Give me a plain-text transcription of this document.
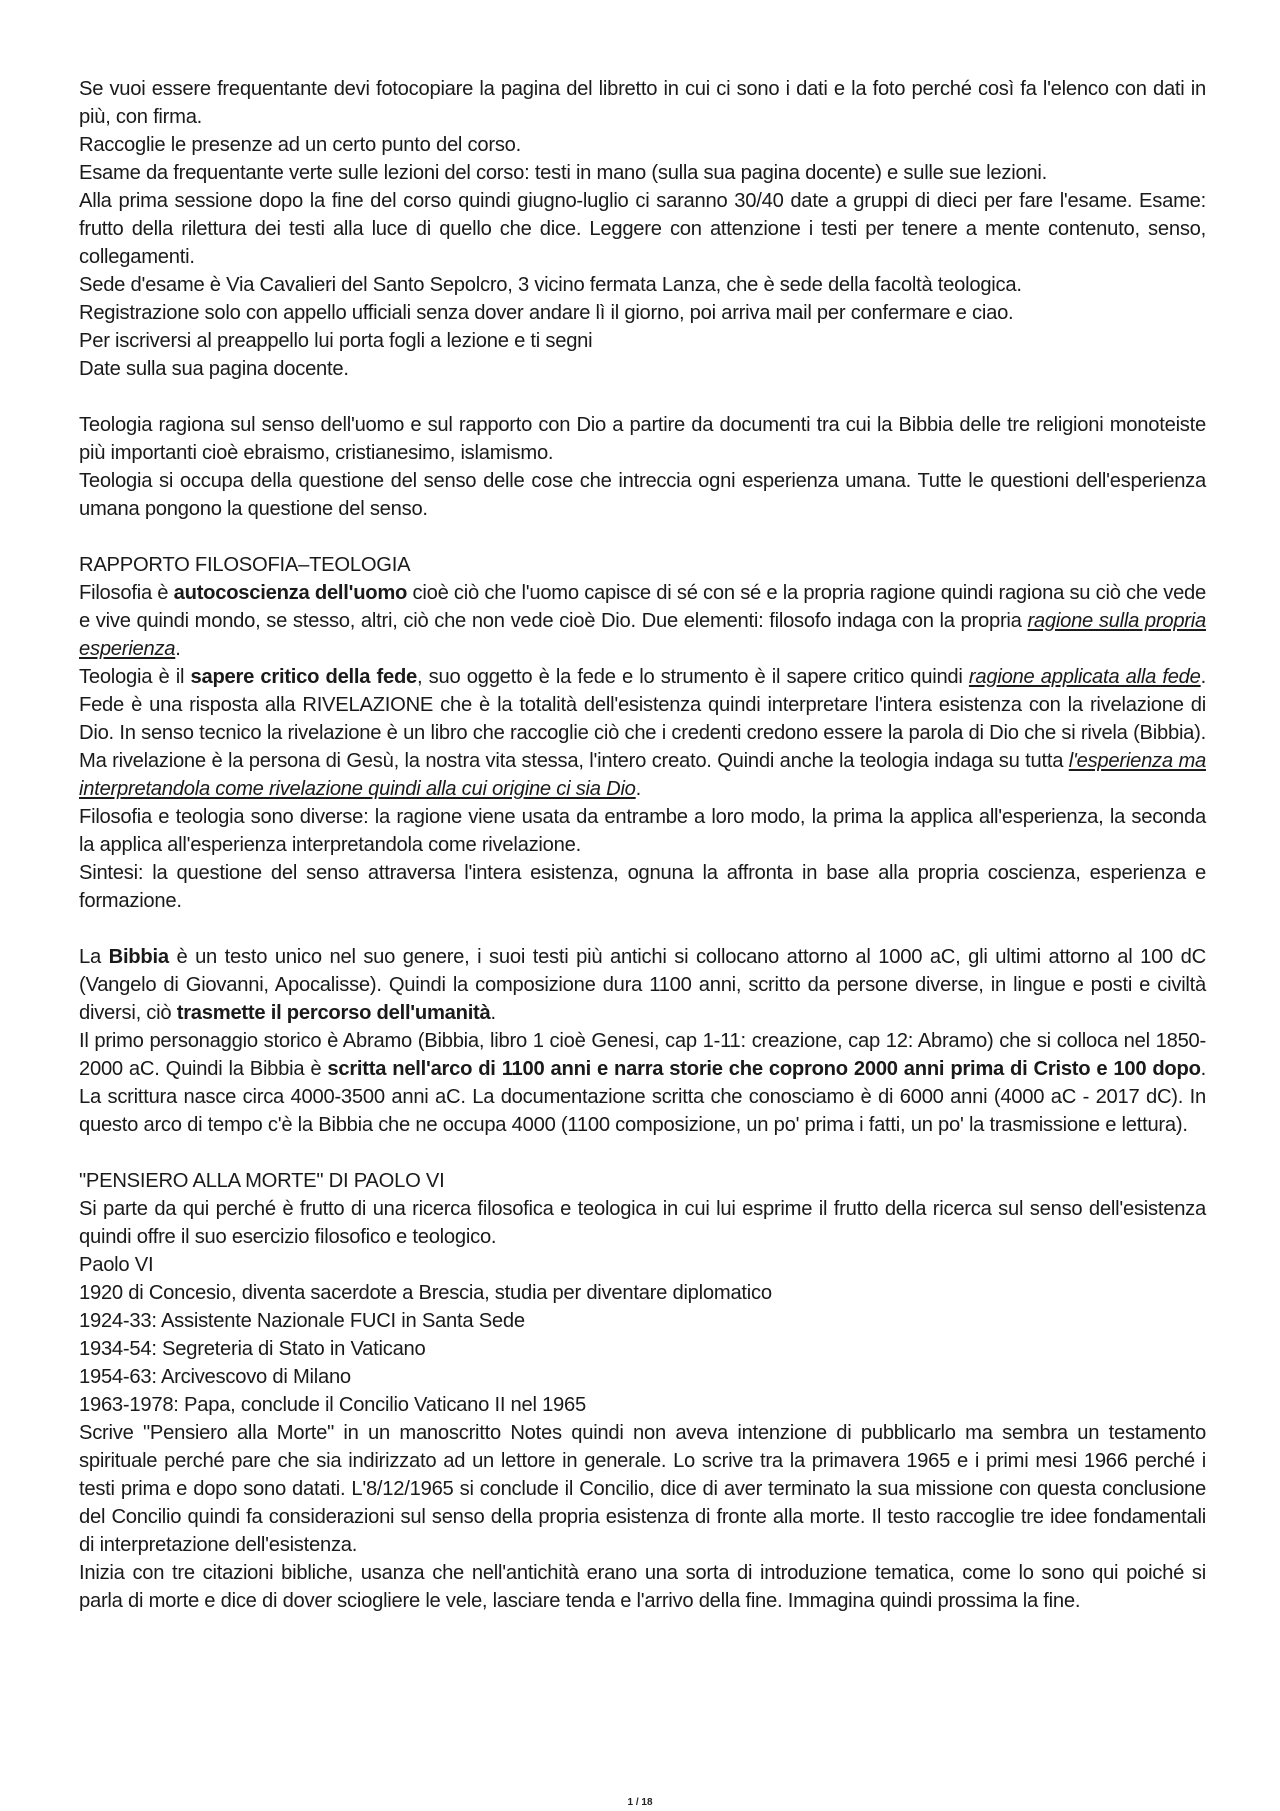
Se vuoi essere frequentante devi fotocopiare la pagina del libretto in cui ci sono i dati e la foto perché così fa l'elenco con dati in più, con firma.

Raccoglie le presenze ad un certo punto del corso.

Esame da frequentante verte sulle lezioni del corso: testi in mano (sulla sua pagina docente) e sulle sue lezioni.

Alla prima sessione dopo la fine del corso quindi giugno-luglio ci saranno 30/40 date a gruppi di dieci per fare l'esame. Esame: frutto della rilettura dei testi alla luce di quello che dice. Leggere con attenzione i testi per tenere a mente contenuto, senso, collegamenti.

Sede d'esame è Via Cavalieri del Santo Sepolcro, 3 vicino fermata Lanza, che è sede della facoltà teologica.

Registrazione solo con appello ufficiali senza dover andare lì il giorno, poi arriva mail per confermare e ciao.

Per iscriversi al preappello lui porta fogli a lezione e ti segni

Date sulla sua pagina docente.

Teologia ragiona sul senso dell'uomo e sul rapporto con Dio a partire da documenti tra cui la Bibbia delle tre religioni monoteiste più importanti cioè ebraismo, cristianesimo, islamismo.

Teologia si occupa della questione del senso delle cose che intreccia ogni esperienza umana. Tutte le questioni dell'esperienza umana pongono la questione del senso.

RAPPORTO FILOSOFIA–TEOLOGIA

Filosofia è autocoscienza dell'uomo cioè ciò che l'uomo capisce di sé con sé e la propria ragione quindi ragiona su ciò che vede e vive quindi mondo, se stesso, altri, ciò che non vede cioè Dio. Due elementi: filosofo indaga con la propria ragione sulla propria esperienza.

Teologia è il sapere critico della fede, suo oggetto è la fede e lo strumento è il sapere critico quindi ragione applicata alla fede. Fede è una risposta alla RIVELAZIONE che è la totalità dell'esistenza quindi interpretare l'intera esistenza con la rivelazione di Dio. In senso tecnico la rivelazione è un libro che raccoglie ciò che i credenti credono essere la parola di Dio che si rivela (Bibbia). Ma rivelazione è la persona di Gesù, la nostra vita stessa, l'intero creato. Quindi anche la teologia indaga su tutta l'esperienza ma interpretandola come rivelazione quindi alla cui origine ci sia Dio.

Filosofia e teologia sono diverse: la ragione viene usata da entrambe a loro modo, la prima la applica all'esperienza, la seconda la applica all'esperienza interpretandola come rivelazione.

Sintesi: la questione del senso attraversa l'intera esistenza, ognuna la affronta in base alla propria coscienza, esperienza e formazione.

La Bibbia è un testo unico nel suo genere, i suoi testi più antichi si collocano attorno al 1000 aC, gli ultimi attorno al 100 dC (Vangelo di Giovanni, Apocalisse). Quindi la composizione dura 1100 anni, scritto da persone diverse, in lingue e posti e civiltà diversi, ciò trasmette il percorso dell'umanità.

Il primo personaggio storico è Abramo (Bibbia, libro 1 cioè Genesi, cap 1-11: creazione, cap 12: Abramo) che si colloca nel 1850-2000 aC. Quindi la Bibbia è scritta nell'arco di 1100 anni e narra storie che coprono 2000 anni prima di Cristo e 100 dopo. La scrittura nasce circa 4000-3500 anni aC. La documentazione scritta che conosciamo è di 6000 anni (4000 aC - 2017 dC). In questo arco di tempo c'è la Bibbia che ne occupa 4000 (1100 composizione, un po' prima i fatti, un po' la trasmissione e lettura).

"PENSIERO ALLA MORTE" DI PAOLO VI

Si parte da qui perché è frutto di una ricerca filosofica e teologica in cui lui esprime il frutto della ricerca sul senso dell'esistenza quindi offre il suo esercizio filosofico e teologico.

Paolo VI

1920 di Concesio, diventa sacerdote a Brescia, studia per diventare diplomatico

1924-33: Assistente Nazionale FUCI in Santa Sede

1934-54: Segreteria di Stato in Vaticano

1954-63: Arcivescovo di Milano

1963-1978: Papa, conclude il Concilio Vaticano II nel 1965

Scrive "Pensiero alla Morte" in un manoscritto Notes quindi non aveva intenzione di pubblicarlo ma sembra un testamento spirituale perché pare che sia indirizzato ad un lettore in generale. Lo scrive tra la primavera 1965 e i primi mesi 1966 perché i testi prima e dopo sono datati. L'8/12/1965 si conclude il Concilio, dice di aver terminato la sua missione con questa conclusione del Concilio quindi fa considerazioni sul senso della propria esistenza di fronte alla morte. Il testo raccoglie tre idee fondamentali di interpretazione dell'esistenza.

Inizia con tre citazioni bibliche, usanza che nell'antichità erano una sorta di introduzione tematica, come lo sono qui poiché si parla di morte e dice di dover sciogliere le vele, lasciare tenda e l'arrivo della fine. Immagina quindi prossima la fine.

1 / 18
